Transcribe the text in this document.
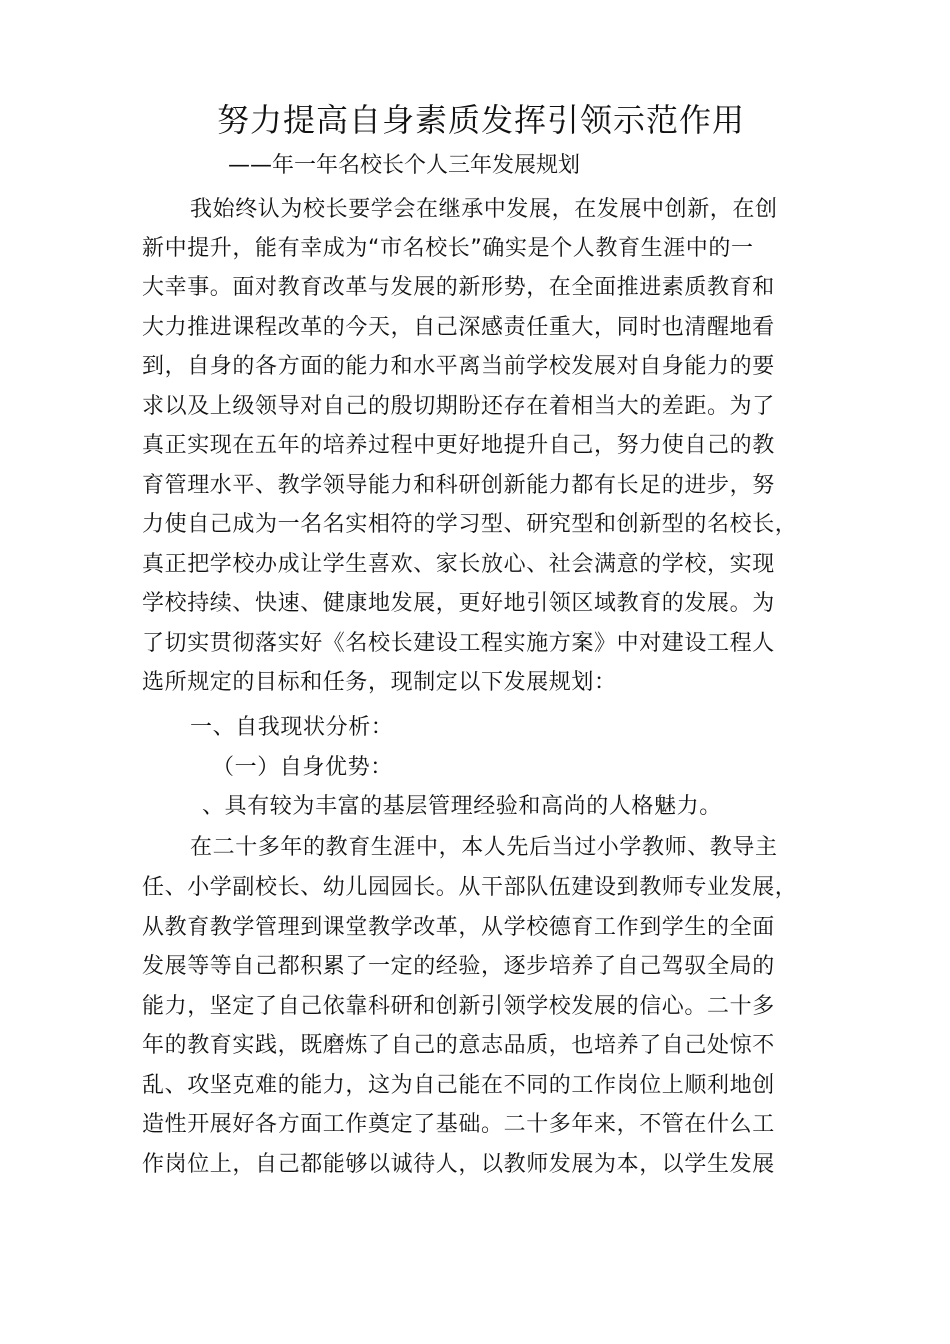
努力提高自身素质发挥引领示范作用
——年一年名校长个人三年发展规划
我始终认为校长要学会在继承中发展，在发展中创新，在创
新中提升，能有幸成为“市名校长”确实是个人教育生涯中的一
大幸事。面对教育改革与发展的新形势，在全面推进素质教育和
大力推进课程改革的今天，自己深感责任重大，同时也清醒地看
到，自身的各方面的能力和水平离当前学校发展对自身能力的要
求以及上级领导对自己的殷切期盼还存在着相当大的差距。为了
真正实现在五年的培养过程中更好地提升自己，努力使自己的教
育管理水平、教学领导能力和科研创新能力都有长足的进步，努
力使自己成为一名名实相符的学习型、研究型和创新型的名校长，
真正把学校办成让学生喜欢、家长放心、社会满意的学校，实现
学校持续、快速、健康地发展，更好地引领区域教育的发展。为
了切实贯彻落实好《名校长建设工程实施方案》中对建设工程人
选所规定的目标和任务，现制定以下发展规划：
一、自我现状分析：
（一）自身优势：
、具有较为丰富的基层管理经验和高尚的人格魅力。
在二十多年的教育生涯中，本人先后当过小学教师、教导主
任、小学副校长、幼儿园园长。从干部队伍建设到教师专业发展，
从教育教学管理到课堂教学改革，从学校德育工作到学生的全面
发展等等自己都积累了一定的经验，逐步培养了自己驾驭全局的
能力，坚定了自己依靠科研和创新引领学校发展的信心。二十多
年的教育实践，既磨炼了自己的意志品质，也培养了自己处惊不
乱、攻坚克难的能力，这为自己能在不同的工作岗位上顺利地创
造性开展好各方面工作奠定了基础。二十多年来，不管在什么工
作岗位上，自己都能够以诚待人，以教师发展为本，以学生发展
